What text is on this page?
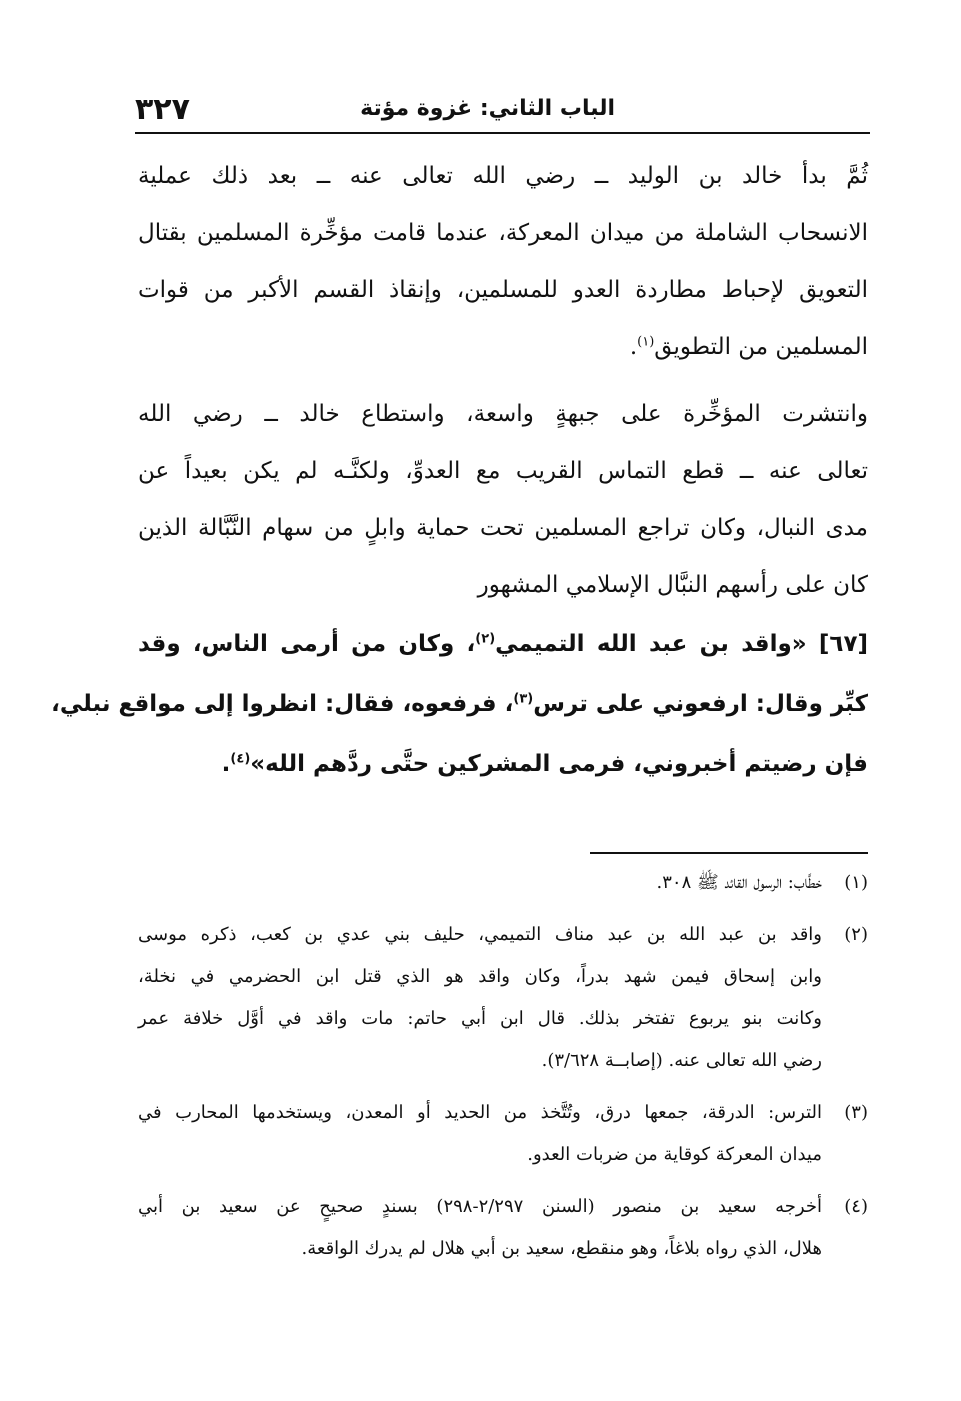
الباب الثاني: غزوة مؤتة
٣٢٧
ثُمَّ بدأ خالد بن الوليد ــ رضي الله تعالى عنه ــ بعد ذلك عملية
الانسحاب الشاملة من ميدان المعركة، عندما قامت مؤخِّرة المسلمين بقتال
التعويق لإحباط مطاردة العدو للمسلمين، وإنقاذ القسم الأكبر من قوات
المسلمين من التطويق$^{(١)}$.
وانتشرت المؤخِّرة على جبهةٍ واسعة، واستطاع خالد ــ رضي الله
تعالى عنه ــ قطع التماس القريب مع العدوِّ، ولكنَّـه لم يكن بعيداً عن
مدى النبال، وكان تراجع المسلمين تحت حماية وابلٍ من سهام النَّبَّالة الذين
كان على رأسهم النبَّال الإسلامي المشهور
[٦٧] «واقد بن عبد الله التميمي$^{(٢)}$، وكان من أرمى الناس، وقد
كبِّر وقال: ارفعوني على ترس$^{(٣)}$، فرفعوه، فقال: انظروا إلى مواقع نبلي،
فإن رضيتم أخبروني، فرمى المشركين حتَّى ردَّهم الله»$^{(٤)}$.
(١)
خطَّاب: الرسول القائد ﷺ ٣٠٨.
(٢)
واقد بن عبد الله بن عبد مناف التميمي، حليف بني عدي بن كعب، ذكره موسى
وابن إسحاق فيمن شهد بدراً، وكان واقد هو الذي قتل ابن الحضرمي في نخلة،
وكانت بنو يربوع تفتخر بذلك. قال ابن أبي حاتم: مات واقد في أوَّل خلافة عمر
رضي الله تعالى عنه. (إصابــة ٣/٦٢٨).
(٣)
الترس: الدرقة، جمعها درق، وتُتَّخذ من الحديد أو المعدن، ويستخدمها المحارب في
ميدان المعركة كوقاية من ضربات العدو.
(٤)
أخرجه سعيد بن منصور (السنن ٢/٢٩٧-٢٩٨) بسندٍ صحيحٍ عن سعيد بن أبي
هلال، الذي رواه بلاغاً، وهو منقطع، سعيد بن أبي هلال لم يدرك الواقعة.
